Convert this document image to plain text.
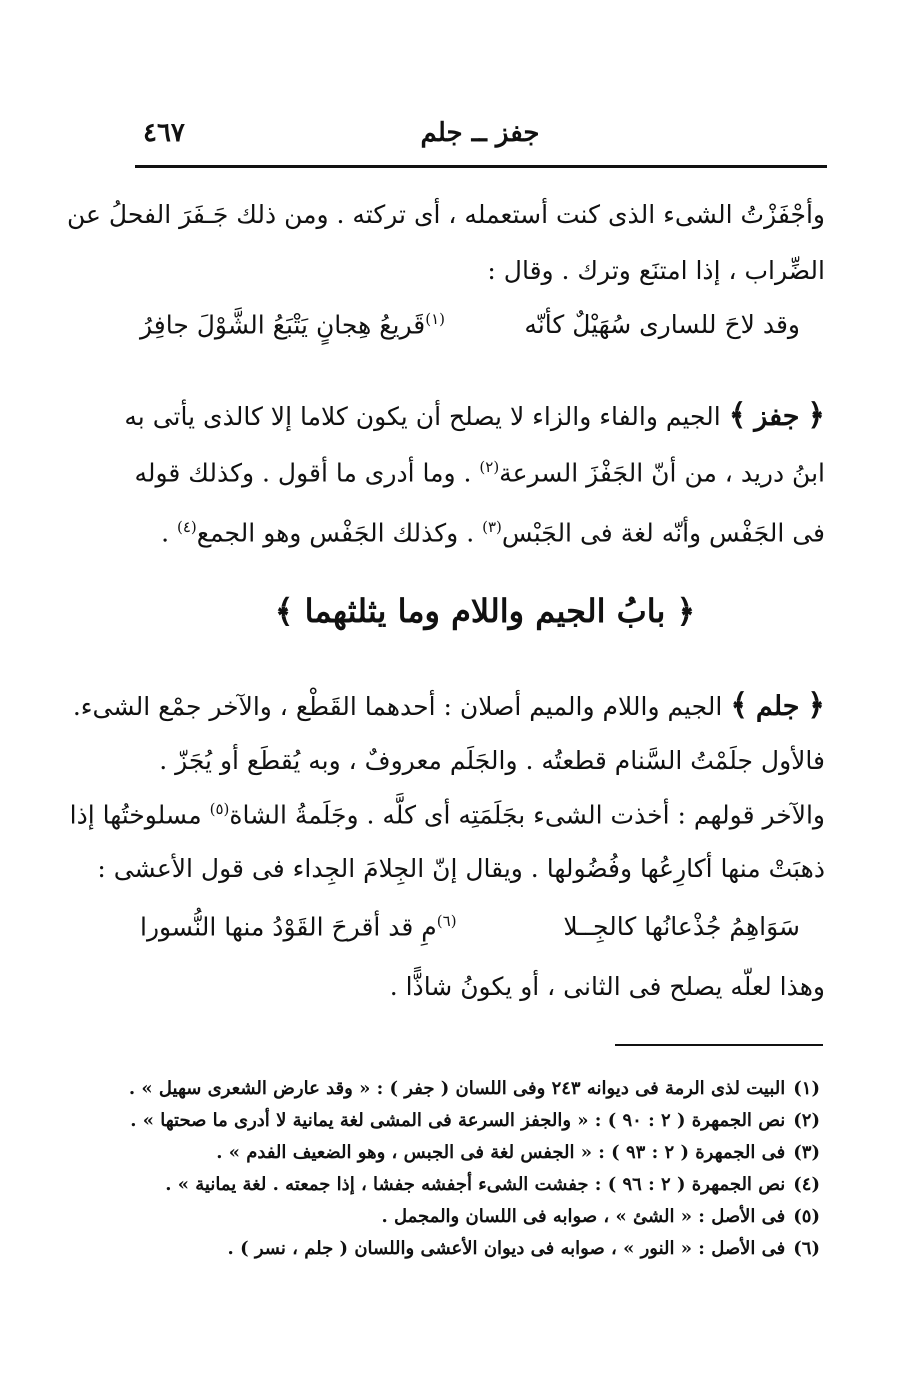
جفز ــ جلم
٤٦٧
وأجْفَزْتُ الشىء الذى كنت أستعمله ، أى تركته . ومن ذلك جَـفَرَ الفحلُ عن
الضِّراب ، إذا امتنَع وترك . وقال :
وقد لاحَ للسارى سُهَيْلٌ كأنّه
$^{(١)}$قَريعُ هِجانٍ يَتْبَعُ الشَّوْلَ جافِرُ
﴿ جفز ﴾ الجيم والفاء والزاء لا يصلح أن يكون كلاما إلا كالذى يأتى به
ابنُ دريد ، من أنّ الجَفْزَ السرعة$^{(٢)}$ . وما أدرى ما أقول . وكذلك قوله
فى الجَفْس وأنّه لغة فى الجَبْس$^{(٣)}$ . وكذلك الجَفْس وهو الجمع$^{(٤)}$ .
﴿ بابُ الجيم واللام وما يثلثهما ﴾
﴿ جلم ﴾ الجيم واللام والميم أصلان : أحدهما القَطْع ، والآخر جمْع الشىء.
فالأول جلَمْتُ السَّنام قطعتُه . والجَلَم معروفٌ ، وبه يُقطَع أو يُجَزّ .
والآخر قولهم : أخذت الشىء بجَلَمَتِه أى كلَّه . وجَلَمةُ الشاة$^{(٥)}$ مسلوختُها إذا
ذهبَتْ منها أكارِعُها وفُضُولها . ويقال إنّ الجِلامَ الجِداء فى قول الأعشى :
سَوَاهِمُ جُذْعانُها كالجِــلا
$^{(٦)}$مِ قد أقرحَ القَوْدُ منها النُّسورا
وهذا لعلّه يصلح فى الثانى ، أو يكونُ شاذًّا .
(١)البيت لذى الرمة فى ديوانه ٢٤٣ وفى اللسان ( جفر ) : « وقد عارض الشعرى سهيل » .
(٢)نص الجمهرة ( ٢ : ٩٠ ) : « والجفز السرعة فى المشى لغة يمانية لا أدرى ما صحتها » .
(٣)فى الجمهرة ( ٢ : ٩٣ ) : « الجفس لغة فى الجبس ، وهو الضعيف الفدم » .
(٤)نص الجمهرة ( ٢ : ٩٦ ) : جفشت الشىء أجفشه جفشا ، إذا جمعته . لغة يمانية » .
(٥)فى الأصل : « الشئ » ، صوابه فى اللسان والمجمل .
(٦)فى الأصل : « النور » ، صوابه فى ديوان الأعشى واللسان ( جلم ، نسر ) .
